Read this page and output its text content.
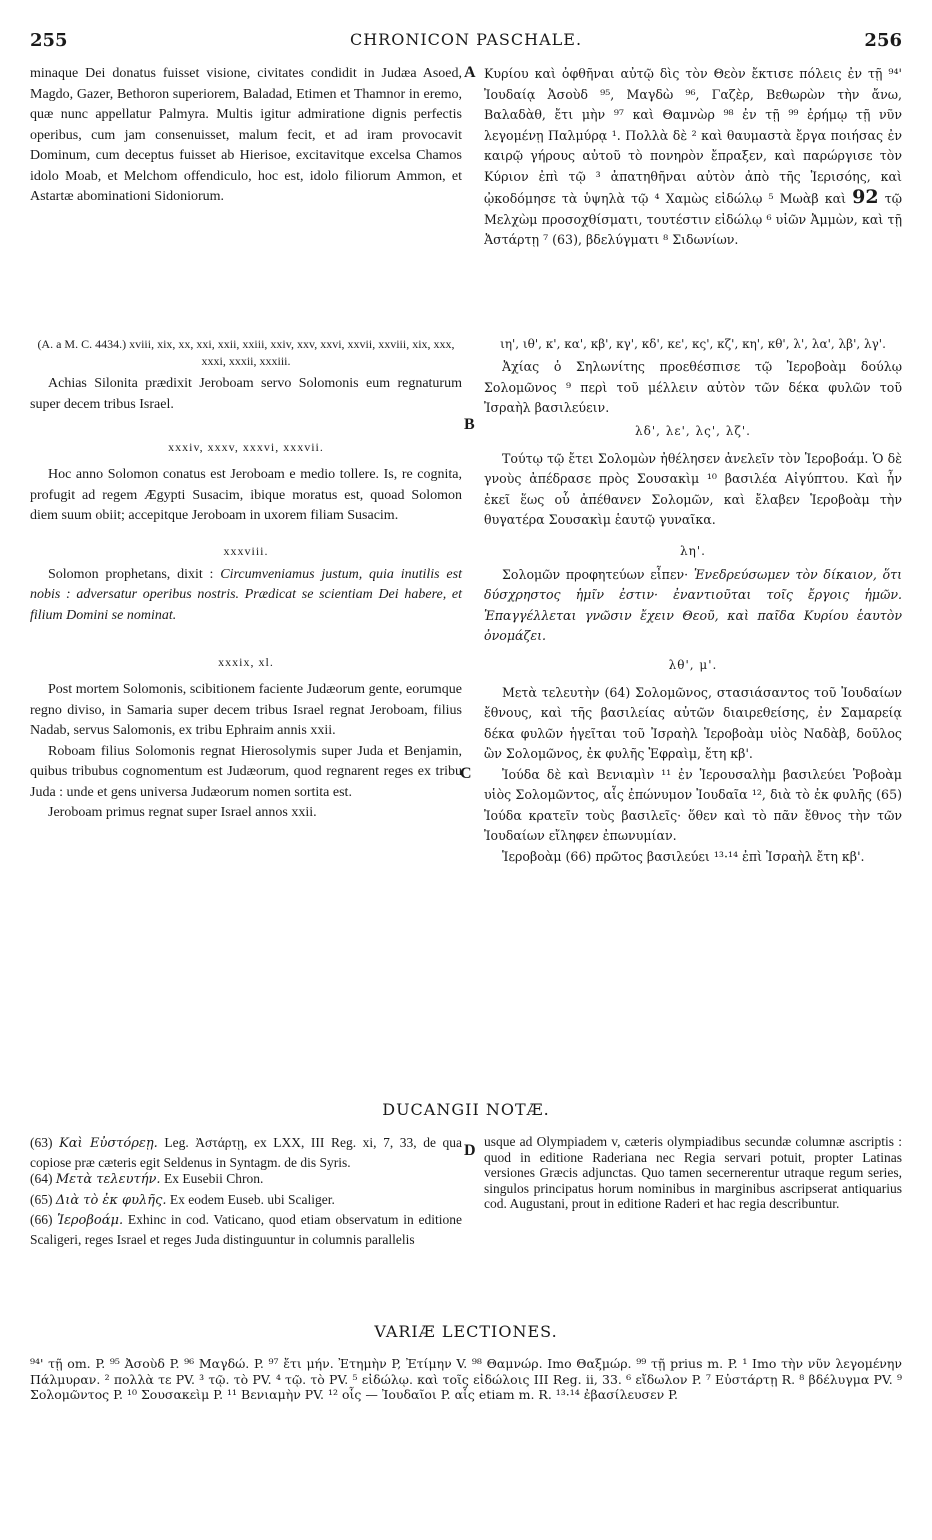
255	CHRONICON PASCHALE.	256
A
B
C
D

minaque Dei donatus fuisset visione, civitates condidit in Judæa Asoed, Magdo, Gazer, Bethoron superiorem, Baladad, Etimen et Thamnor in eremo, quæ nunc appellatur Palmyra. Multis igitur admiratione dignis perfectis operibus, cum jam consenuisset, malum fecit, et ad iram provocavit Dominum, cum deceptus fuisset ab Hierisoe, excitavitque excelsa Chamos idolo Moab, et Melchom offendiculo, hoc est, idolo filiorum Ammon, et Astartæ abominationi Sidoniorum.

(A. a M. C. 4434.) xviii, xix, xx, xxi, xxii, xxiii, xxiv, xxv, xxvi, xxvii, xxviii, xix, xxx, xxxi, xxxii, xxxiii.

Achias Silonita prædixit Jeroboam servo Solomonis eum regnaturum super decem tribus Israel.

xxxiv, xxxv, xxxvi, xxxvii.

Hoc anno Solomon conatus est Jeroboam e medio tollere. Is, re cognita, profugit ad regem Ægypti Susacim, ibique moratus est, quoad Solomon diem suum obiit; accepitque Jeroboam in uxorem filiam Susacim.

xxxviii.

Solomon prophetans, dixit : Circumveniamus justum, quia inutilis est nobis : adversatur operibus nostris. Prædicat se scientiam Dei habere, et filium Domini se nominat.

xxxix, xl.

Post mortem Solomonis, scibitionem faciente Judæorum gente, eorumque regno diviso, in Samaria super decem tribus Israel regnat Jeroboam, filius Nadab, servus Salomonis, ex tribu Ephraim annis xxii.

Roboam filius Solomonis regnat Hierosolymis super Juda et Benjamin, quibus tribubus cognomentum est Judæorum, quod regnarent reges ex tribu Juda : unde et gens universa Judæorum nomen sortita est.

Jeroboam primus regnat super Israel annos xxii.

Κυρίου καὶ ὀφθῆναι αὐτῷ δὶς τὸν Θεὸν ἔκτισε πόλεις ἐν τῇ ⁹⁴' Ἰουδαίᾳ Ἀσοὺδ ⁹⁵, Μαγδὼ ⁹⁶, Γαζὲρ, Βεθωρὼν τὴν ἄνω, Βαλαδὰθ, ἔτι μὴν ⁹⁷ καὶ Θαμνὼρ ⁹⁸ ἐν τῇ ⁹⁹ ἐρήμῳ τῇ νῦν λεγομένῃ Παλμύρᾳ ¹. Πολλὰ δὲ ² καὶ θαυμαστὰ ἔργα ποιήσας ἐν καιρῷ γήρους αὐτοῦ τὸ πονηρὸν ἔπραξεν, καὶ παρώργισε τὸν Κύριον ἐπὶ τῷ ³ ἀπατηθῆναι αὐτὸν ἀπὸ τῆς Ἱερισόης, καὶ ᾠκοδόμησε τὰ ὑψηλὰ τῷ ⁴ Χαμὼς εἰδώλῳ ⁵ Μωὰβ καὶ 92 τῷ Μελχὼμ προσοχθίσματι, τουτέστιν εἰδώλῳ ⁶ υἱῶν Ἀμμὼν, καὶ τῇ Ἀστάρτῃ ⁷ (63), βδελύγματι ⁸ Σιδωνίων.

ιη', ιθ', κ', κα', κβ', κγ', κδ', κε', κς', κζ', κη', κθ', λ', λα', λβ', λγ'.

Ἀχίας ὁ Σηλωνίτης προεθέσπισε τῷ Ἱεροβοὰμ δούλῳ Σολομῶνος ⁹ περὶ τοῦ μέλλειν αὐτὸν τῶν δέκα φυλῶν τοῦ Ἰσραὴλ βασιλεύειν.

λδ', λε', λς', λζ'.

Τούτῳ τῷ ἔτει Σολομὼν ἠθέλησεν ἀνελεῖν τὸν Ἱεροβοάμ. Ὁ δὲ γνοὺς ἀπέδρασε πρὸς Σουσακὶμ ¹⁰ βασιλέα Αἰγύπτου. Καὶ ἦν ἐκεῖ ἕως οὗ ἀπέθανεν Σολομῶν, καὶ ἔλαβεν Ἱεροβοὰμ τὴν θυγατέρα Σουσακὶμ ἑαυτῷ γυναῖκα.

λη'.

Σολομῶν προφητεύων εἶπεν· Ἐνεδρεύσωμεν τὸν δίκαιον, ὅτι δύσχρηστος ἡμῖν ἐστιν· ἐναντιοῦται τοῖς ἔργοις ἡμῶν. Ἐπαγγέλλεται γνῶσιν ἔχειν Θεοῦ, καὶ παῖδα Κυρίου ἑαυτὸν ὀνομάζει.

λθ', μ'.

Μετὰ τελευτὴν (64) Σολομῶνος, στασιάσαντος τοῦ Ἰουδαίων ἔθνους, καὶ τῆς βασιλείας αὐτῶν διαιρεθείσης, ἐν Σαμαρείᾳ δέκα φυλῶν ἡγεῖται τοῦ Ἰσραὴλ Ἱεροβοὰμ υἱὸς Ναδὰβ, δοῦλος ὢν Σολομῶνος, ἐκ φυλῆς Ἐφραὶμ, ἔτη κβ'.

Ἰούδα δὲ καὶ Βενιαμὶν ¹¹ ἐν Ἱερουσαλὴμ βασιλεύει Ῥοβοὰμ υἱὸς Σολομῶντος, αἷς ἐπώνυμον Ἰουδαῖα ¹², διὰ τὸ ἐκ φυλῆς (65) Ἰούδα κρατεῖν τοὺς βασιλεῖς· ὅθεν καὶ τὸ πᾶν ἔθνος τὴν τῶν Ἰουδαίων εἴληφεν ἐπωνυμίαν.

Ἱεροβοὰμ (66) πρῶτος βασιλεύει ¹³·¹⁴ ἐπὶ Ἰσραὴλ ἔτη κβ'.

DUCANGII NOTÆ.

(63) Καὶ Εὐστόρεῃ. Leg. Ἀστάρτῃ, ex LXX, III Reg. xi, 7, 33, de qua copiose præ cæteris egit Seldenus in Syntagm. de dis Syris.

(64) Μετὰ τελευτήν. Ex Eusebii Chron.

(65) Διὰ τὸ ἐκ φυλῆς. Ex eodem Euseb. ubi Scaliger.

(66) Ἱεροβοάμ. Exhinc in cod. Vaticano, quod etiam observatum in editione Scaligeri, reges Israel et reges Juda distinguuntur in columnis parallelis

usque ad Olympiadem v, cæteris olympiadibus secundæ columnæ ascriptis : quod in editione Raderiana nec Regia servari potuit, propter Latinas versiones Græcis adjunctas. Quo tamen secernerentur utraque regum series, singulos principatus horum nominibus in marginibus ascripserat antiquarius cod. Augustani, prout in editione Raderi et hac regia describuntur.

VARIÆ LECTIONES.

⁹⁴' τῇ om. P. ⁹⁵ Ἀσοὺδ P. ⁹⁶ Μαγδώ. P. ⁹⁷ ἔτι μήν. Ἐτημὴν P, Ἐτίμην V. ⁹⁸ Θαμνώρ. Imo Θαξμώρ. ⁹⁹ τῇ prius m. P. ¹ Imo τὴν νῦν λεγομένην Πάλμυραν. ² πολλὰ τε PV. ³ τῷ. τὸ PV. ⁴ τῷ. τὸ PV. ⁵ εἰδώλῳ. καὶ τοῖς εἰδώλοις III Reg. ii, 33. ⁶ εἴδωλον P. ⁷ Εὐστάρτῃ R. ⁸ βδέλυγμα PV. ⁹ Σολομῶντος P. ¹⁰ Σουσακεὶμ P. ¹¹ Βενιαμὴν PV. ¹² οἷς — Ἰουδαῖοι P. αἷς etiam m. R. ¹³·¹⁴ ἐβασίλευσεν P.
